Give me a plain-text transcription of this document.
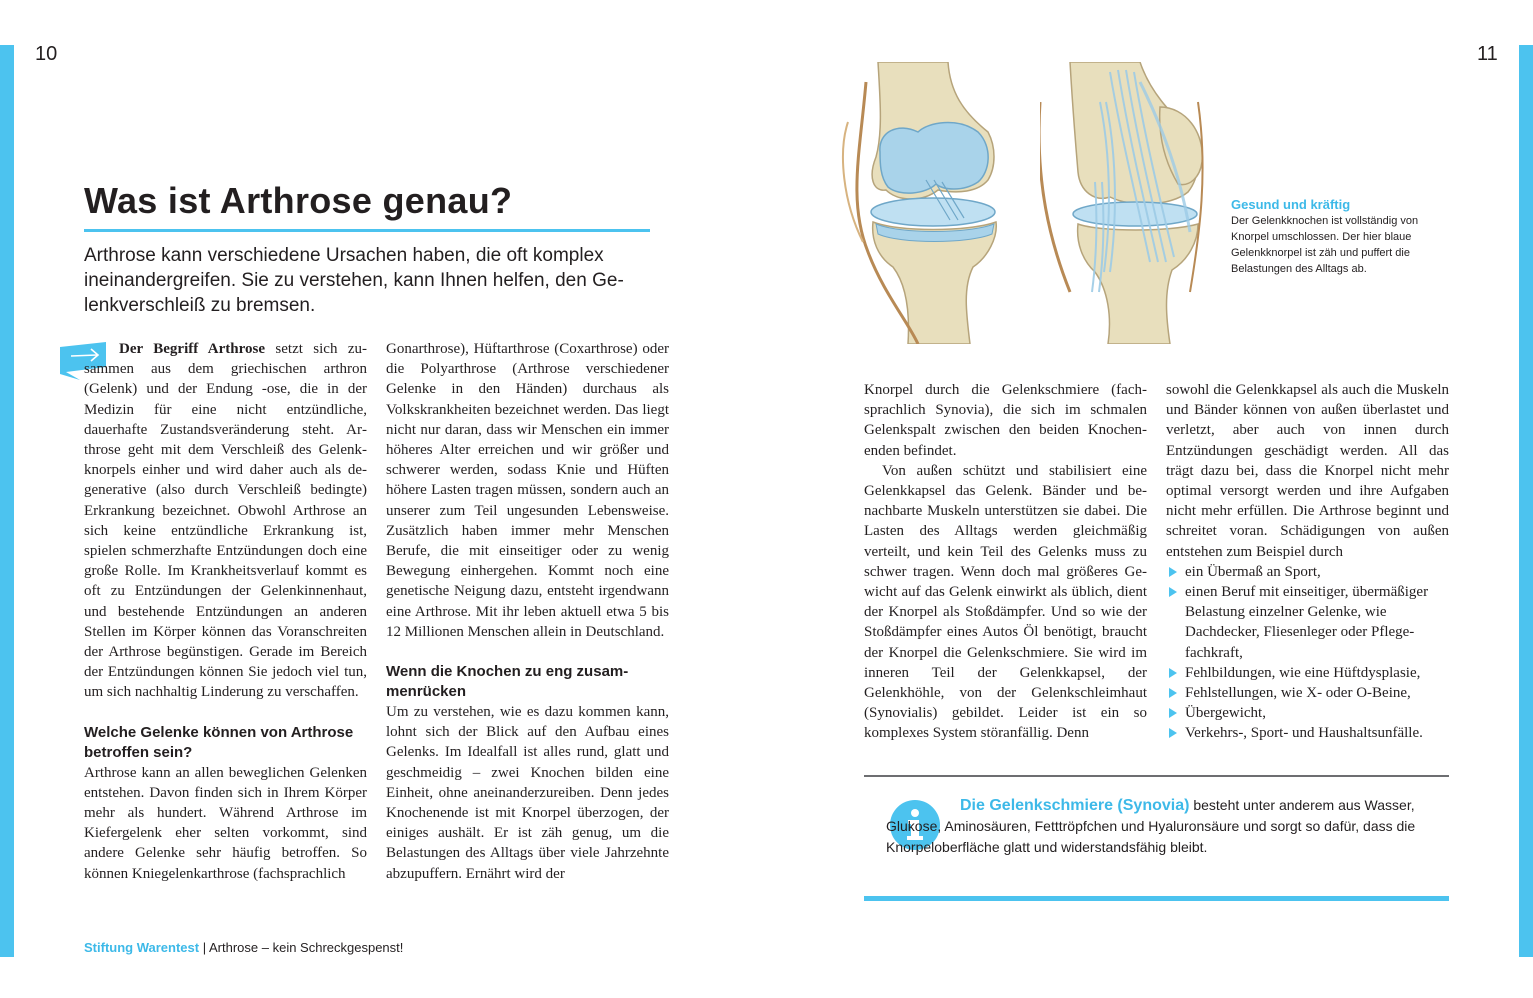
10	11
Was ist Arthrose genau?
Arthrose kann verschiedene Ursachen haben, die oft komplex ineinandergreifen. Sie zu verstehen, kann Ihnen helfen, den Gelenkverschleiß zu bremsen.

Der Begriff Arthrose setzt sich zusammen aus dem griechischen arthron (Gelenk) und der Endung -ose, die in der Medizin für eine nicht entzündliche, dauerhafte Zustandsveränderung steht. Arthrose geht mit dem Verschleiß des Gelenkknorpels einher und wird daher auch als degenerative (also durch Verschleiß bedingte) Erkrankung bezeichnet. Obwohl Arthrose an sich keine entzündliche Erkrankung ist, spielen schmerzhafte Entzündungen doch eine große Rolle. Im Krankheitsverlauf kommt es oft zu Entzündungen der Gelenkinnenhaut, und bestehende Entzündungen an anderen Stellen im Körper können das Voranschreiten der Arthrose begünstigen. Gerade im Bereich der Entzündungen können Sie jedoch viel tun, um sich nachhaltig Linderung zu verschaffen.

Welche Gelenke können von Arthrose betroffen sein?

Arthrose kann an allen beweglichen Gelenken entstehen. Davon finden sich in Ihrem Körper mehr als hundert. Während Arthrose im Kiefergelenk eher selten vorkommt, sind andere Gelenke sehr häufig betroffen. So können Kniegelenkarthrose (fachsprachlich

Gonarthrose), Hüftarthrose (Coxarthrose) oder die Polyarthrose (Arthrose verschiedener Gelenke in den Händen) durchaus als Volkskrankheiten bezeichnet werden. Das liegt nicht nur daran, dass wir Menschen ein immer höheres Alter erreichen und wir größer und schwerer werden, sodass Knie und Hüften höhere Lasten tragen müssen, sondern auch an unserer zum Teil ungesunden Lebensweise. Zusätzlich haben immer mehr Menschen Berufe, die mit einseitiger oder zu wenig Bewegung einhergehen. Kommt noch eine genetische Neigung dazu, entsteht irgendwann eine Arthrose. Mit ihr leben aktuell etwa 5 bis 12 Millionen Menschen allein in Deutschland.

Wenn die Knochen zu eng zusammenrücken

Um zu verstehen, wie es dazu kommen kann, lohnt sich der Blick auf den Aufbau eines Gelenks. Im Idealfall ist alles rund, glatt und geschmeidig – zwei Knochen bilden eine Einheit, ohne aneinanderzureiben. Denn jedes Knochenende ist mit Knorpel überzogen, der einiges aushält. Er ist zäh genug, um die Belastungen des Alltags über viele Jahrzehnte abzupuffern. Ernährt wird der

Knorpel durch die Gelenkschmiere (fachsprachlich Synovia), die sich im schmalen Gelenkspalt zwischen den beiden Knochenenden befindet.

Von außen schützt und stabilisiert eine Gelenkkapsel das Gelenk. Bänder und benachbarte Muskeln unterstützen sie dabei. Die Lasten des Alltags werden gleichmäßig verteilt, und kein Teil des Gelenks muss zu schwer tragen. Wenn doch mal größeres Gewicht auf das Gelenk einwirkt als üblich, dient der Knorpel als Stoßdämpfer. Und so wie der Stoßdämpfer eines Autos Öl benötigt, braucht der Knorpel die Gelenkschmiere. Sie wird im inneren Teil der Gelenkkapsel, der Gelenkhöhle, von der Gelenkschleimhaut (Synovialis) gebildet. Leider ist ein so komplexes System störanfällig. Denn

sowohl die Gelenkkapsel als auch die Muskeln und Bänder können von außen überlastet und verletzt, aber auch von innen durch Entzündungen geschädigt werden. All das trägt dazu bei, dass die Knorpel nicht mehr optimal versorgt werden und ihre Aufgaben nicht mehr erfüllen. Die Arthrose beginnt und schreitet voran. Schädigungen von außen entstehen zum Beispiel durch

ein Übermaß an Sport,
einen Beruf mit einseitiger, übermäßiger Belastung einzelner Gelenke, wie Dachdecker, Fliesenleger oder Pflegefachkraft,
Fehlbildungen, wie eine Hüftdysplasie,
Fehlstellungen, wie X- oder O-Beine,
Übergewicht,
Verkehrs-, Sport- und Haushaltsunfälle.
Gesund und kräftig
Der Gelenkknochen ist vollständig von Knorpel umschlossen. Der hier blaue Gelenkknorpel ist zäh und puffert die Belastungen des Alltags ab.
Die Gelenkschmiere (Synovia) besteht unter anderem aus Wasser, Glukose, Aminosäuren, Fetttröpfchen und Hyaluronsäure und sorgt so dafür, dass die Knorpeloberfläche glatt und widerstandsfähig bleibt.
Stiftung Warentest | Arthrose – kein Schreckgespenst!
